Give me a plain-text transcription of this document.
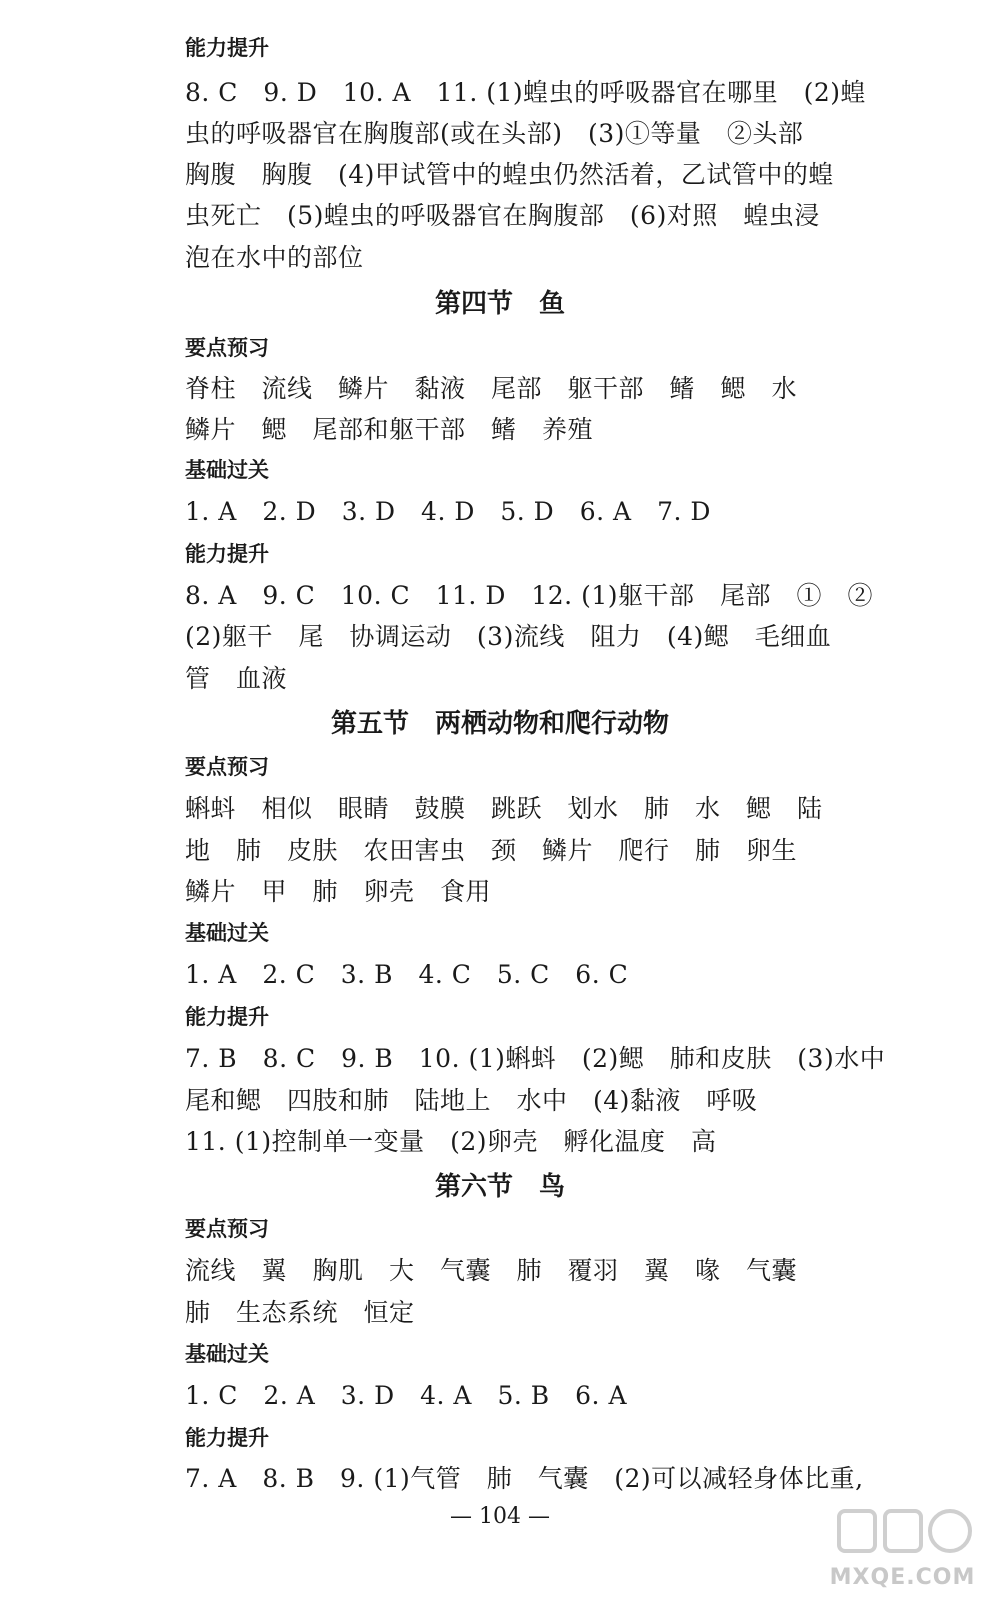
能力提升
8. C　9. D　10. A　11. (1)蝗虫的呼吸器官在哪里　(2)蝗
虫的呼吸器官在胸腹部(或在头部)　(3)①等量　②头部
胸腹　胸腹　(4)甲试管中的蝗虫仍然活着，乙试管中的蝗
虫死亡　(5)蝗虫的呼吸器官在胸腹部　(6)对照　蝗虫浸
泡在水中的部位
第四节　鱼
要点预习
脊柱　流线　鳞片　黏液　尾部　躯干部　鳍　鳃　水
鳞片　鳃　尾部和躯干部　鳍　养殖
基础过关
1. A　2. D　3. D　4. D　5. D　6. A　7. D
能力提升
8. A　9. C　10. C　11. D　12. (1)躯干部　尾部　①　②
(2)躯干　尾　协调运动　(3)流线　阻力　(4)鳃　毛细血
管　血液
第五节　两栖动物和爬行动物
要点预习
蝌蚪　相似　眼睛　鼓膜　跳跃　划水　肺　水　鳃　陆
地　肺　皮肤　农田害虫　颈　鳞片　爬行　肺　卵生
鳞片　甲　肺　卵壳　食用
基础过关
1. A　2. C　3. B　4. C　5. C　6. C
能力提升
7. B　8. C　9. B　10. (1)蝌蚪　(2)鳃　肺和皮肤　(3)水中
尾和鳃　四肢和肺　陆地上　水中　(4)黏液　呼吸
11. (1)控制单一变量　(2)卵壳　孵化温度　高
第六节　鸟
要点预习
流线　翼　胸肌　大　气囊　肺　覆羽　翼　喙　气囊
肺　生态系统　恒定
基础过关
1. C　2. A　3. D　4. A　5. B　6. A
能力提升
7. A　8. B　9. (1)气管　肺　气囊　(2)可以减轻身体比重,
— 104 —
MXQE.COM
